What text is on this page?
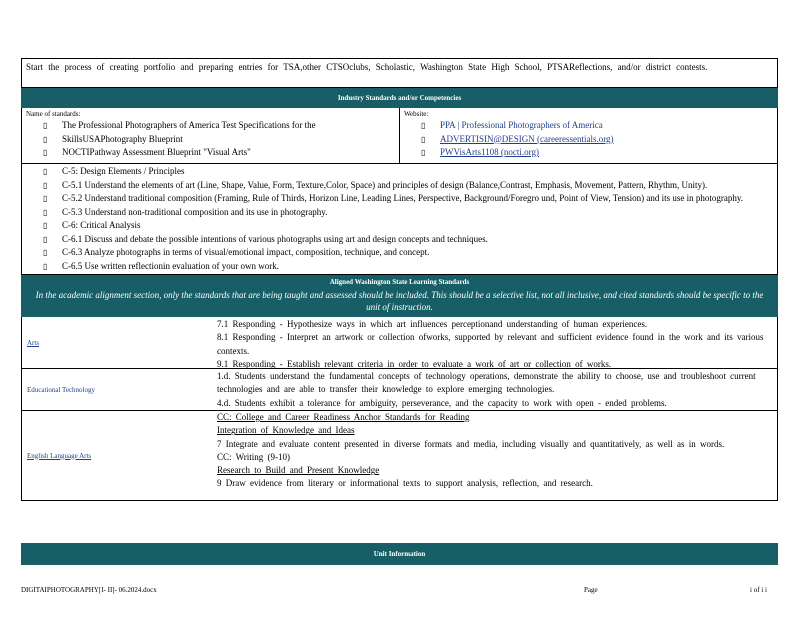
Start the process of creating portfolio and preparing entries for TSA,other CTSOclubs, Scholastic, Washington State High School, PTSAReflections, and/or district contests.
Industry Standards and/or Competencies
Name of standards:
▯ The Professional Photographers of America Test Specifications for the
▯ SkillsUSAPhotography Blueprint
▯ NOCTIPathway Assessment Blueprint "Visual Arts"
Website:
▯ PPA | Professional Photographers of America
▯ ADVERTISIN@DESIGN (careeressentials.org)
▯ PWVisArts1108 (nocti.org)
▯ C-5: Design Elements / Principles
▯ C-5.1 Understand the elements of art (Line, Shape, Value, Form, Texture,Color, Space) and principles of design (Balance,Contrast, Emphasis, Movement, Pattern, Rhythm, Unity).
▯ C-5.2 Understand traditional composition (Framing, Rule of Thirds, Horizon Line, Leading Lines, Perspective, Background/Foregro und, Point of View, Tension) and its use in photography.
▯ C-5.3 Understand non-traditional composition and its use in photography.
▯ C-6: Critical Analysis
▯ C-6.1 Discuss and debate the possible intentions of various photographs using art and design concepts and techniques.
▯ C-6.3 Analyze photographs in terms of visual/emotional impact, composition, technique, and concept.
▯ C-6.5 Use written reflectionin evaluation of your own work.
Aligned Washington State Learning Standards
In the academic alignment section, only the standards that are being taught and assessed should be included. This should be a selective list, not all inclusive, and cited standards should be specific to the unit of instruction.
Arts
7.1 Responding - Hypothesize ways in which art influences perceptionand understanding of human experiences.
8.1 Responding - Interpret an artwork or collection ofworks, supported by relevant and sufficient evidence found in the work and its various contexts.
9.1 Responding - Establish relevant criteria in order to evaluate a work of art or collection of works.
Educational Technology
1.d. Students understand the fundamental concepts of technology operations, demonstrate the ability to choose, use and troubleshoot current technologies and are able to transfer their knowledge to explore emerging technologies.
4.d. Students exhibit a tolerance for ambiguity, perseverance, and the capacity to work with open - ended problems.
English Language Arts
CC: College and Career Readiness Anchor Standards for Reading
Integration of Knowledge and Ideas
7 Integrate and evaluate content presented in diverse formats and media, including visually and quantitatively, as well as in words.
CC: Writing (9-10)
Research to Build and Present Knowledge
9 Draw evidence from literary or informational texts to support analysis, reflection, and research.
Unit Information
DIGITAIPHOTOGRAPHY[I- II]- 06.2024.docx	Page	i of i i
